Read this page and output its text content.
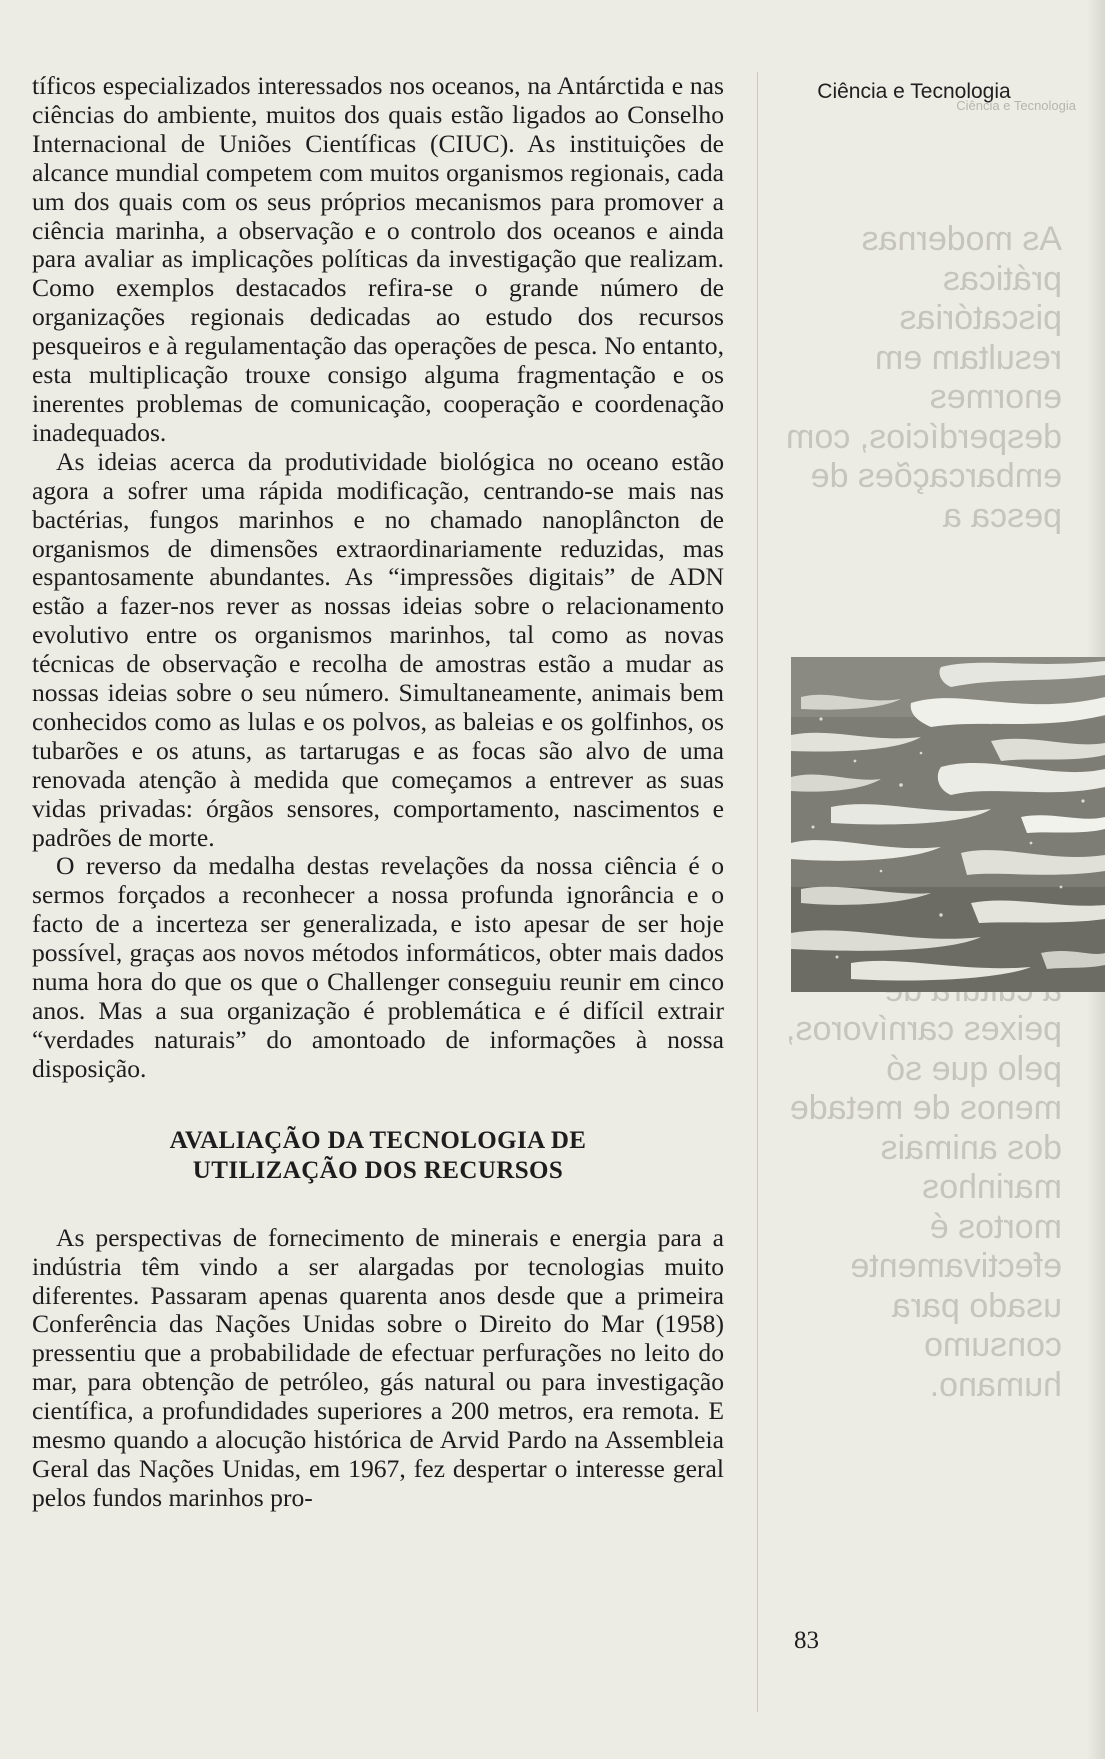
tíficos especializados interessados nos oceanos, na Antárctida e nas ciências do ambiente, muitos dos quais estão ligados ao Conselho Internacional de Uniões Científicas (CIUC). As instituições de alcance mundial competem com muitos organismos regionais, cada um dos quais com os seus próprios mecanismos para promover a ciência marinha, a observação e o controlo dos oceanos e ainda para avaliar as implicações políticas da investigação que realizam. Como exemplos destacados refira-se o grande número de organizações regionais dedicadas ao estudo dos recursos pesqueiros e à regulamentação das operações de pesca. No entanto, esta multiplicação trouxe consigo alguma fragmentação e os inerentes problemas de comunicação, cooperação e coordenação inadequados.

As ideias acerca da produtividade biológica no oceano estão agora a sofrer uma rápida modificação, centrando-se mais nas bactérias, fungos marinhos e no chamado nanoplâncton de organismos de dimensões extraordinariamente reduzidas, mas espantosamente abundantes. As “impressões digitais” de ADN estão a fazer-nos rever as nossas ideias sobre o relacionamento evolutivo entre os organismos marinhos, tal como as novas técnicas de observação e recolha de amostras estão a mudar as nossas ideias sobre o seu número. Simultaneamente, animais bem conhecidos como as lulas e os polvos, as baleias e os golfinhos, os tubarões e os atuns, as tartarugas e as focas são alvo de uma renovada atenção à medida que começamos a entrever as suas vidas privadas: órgãos sensores, comportamento, nascimentos e padrões de morte.

O reverso da medalha destas revelações da nossa ciência é o sermos forçados a reconhecer a nossa profunda ignorância e o facto de a incerteza ser generalizada, e isto apesar de ser hoje possível, graças aos novos métodos informáticos, obter mais dados numa hora do que os que o Challenger conseguiu reunir em cinco anos. Mas a sua organização é problemática e é difícil extrair “verdades naturais” do amontoado de informações à nossa disposição.

AVALIAÇÃO DA TECNOLOGIA DE
UTILIZAÇÃO DOS RECURSOS

As perspectivas de fornecimento de minerais e energia para a indústria têm vindo a ser alargadas por tecnologias muito diferentes. Passaram apenas quarenta anos desde que a primeira Conferência das Nações Unidas sobre o Direito do Mar (1958) pressentiu que a probabilidade de efectuar perfurações no leito do mar, para obtenção de petróleo, gás natural ou para investigação científica, a profundidades superiores a 200 metros, era remota. E mesmo quando a alocução histórica de Arvid Pardo na Assembleia Geral das Nações Unidas, em 1967, fez despertar o interesse geral pelos fundos marinhos pro-

Ciência e Tecnologia
Ciência e Tecnologia
As modernas
práticas
piscatórias
resultam em
enormes
desperdícios, com
embarcações de
pesca a

peixes carnívoros,
pelo que só
menos de metade
dos animais
marinhos
mortos é
efectivamente
usado para
consumo
humano.
83
